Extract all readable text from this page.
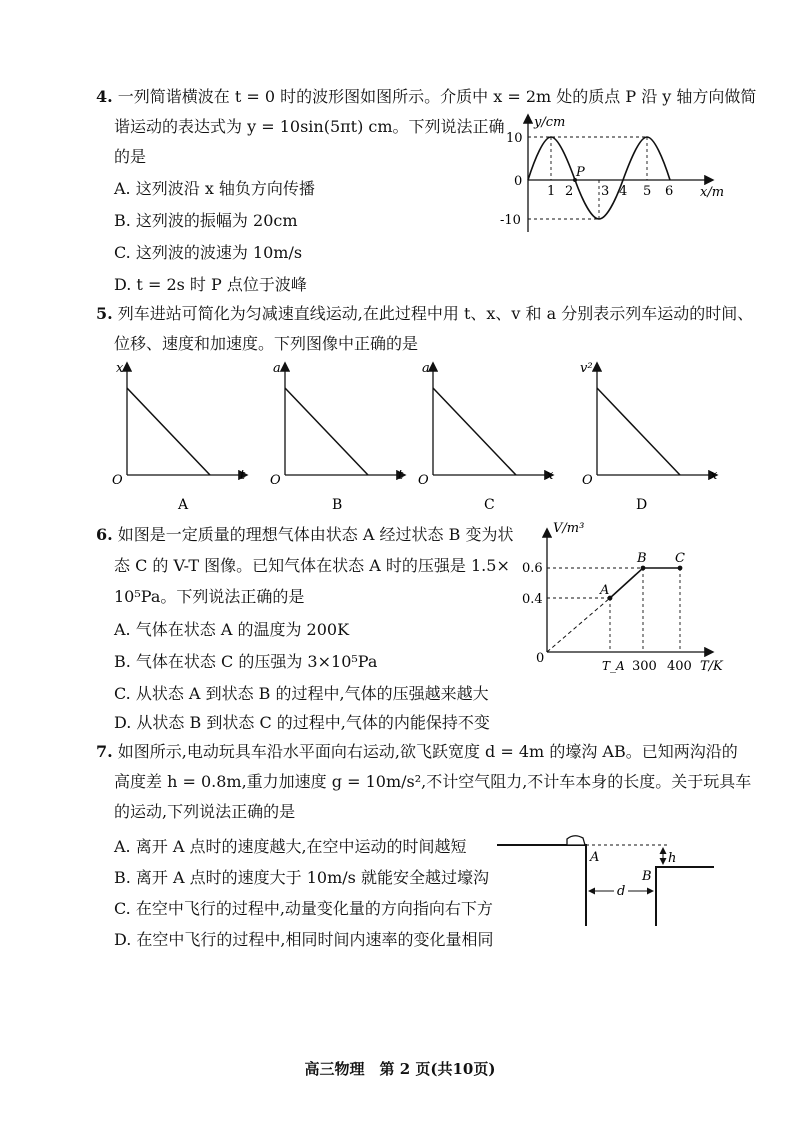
4. 一列简谐横波在 t = 0 时的波形图如图所示。介质中 x = 2m 处的质点 P 沿 y 轴方向做简
谐运动的表达式为 y = 10sin(5πt) cm。下列说法正确
的是
A. 这列波沿 x 轴负方向传播
B. 这列波的振幅为 20cm
C. 这列波的波速为 10m/s
D. t = 2s 时 P 点位于波峰
y/cm
x/m
0
10
-10
1 2 3 4 5 6
P
5. 列车进站可简化为匀减速直线运动,在此过程中用 t、x、v 和 a 分别表示列车运动的时间、
位移、速度和加速度。下列图像中正确的是
x
t
O
A
a
t
O
B
a
x
O
C
v²
x
O
D
6. 如图是一定质量的理想气体由状态 A 经过状态 B 变为状
态 C 的 V-T 图像。已知气体在状态 A 时的压强是 1.5×
10⁵Pa。下列说法正确的是
A. 气体在状态 A 的温度为 200K
B. 气体在状态 C 的压强为 3×10⁵Pa
C. 从状态 A 到状态 B 的过程中,气体的压强越来越大
D. 从状态 B 到状态 C 的过程中,气体的内能保持不变
V/m³
T/K
0
0.6
0.4
T_A 300 400
A
B C
7. 如图所示,电动玩具车沿水平面向右运动,欲飞跃宽度 d = 4m 的壕沟 AB。已知两沟沿的
高度差 h = 0.8m,重力加速度 g = 10m/s²,不计空气阻力,不计车本身的长度。关于玩具车
的运动,下列说法正确的是
A. 离开 A 点时的速度越大,在空中运动的时间越短
B. 离开 A 点时的速度大于 10m/s 就能安全越过壕沟
C. 在空中飞行的过程中,动量变化量的方向指向右下方
D. 在空中飞行的过程中,相同时间内速率的变化量相同
A
B
h
d
高三物理　第 2 页(共10页)
